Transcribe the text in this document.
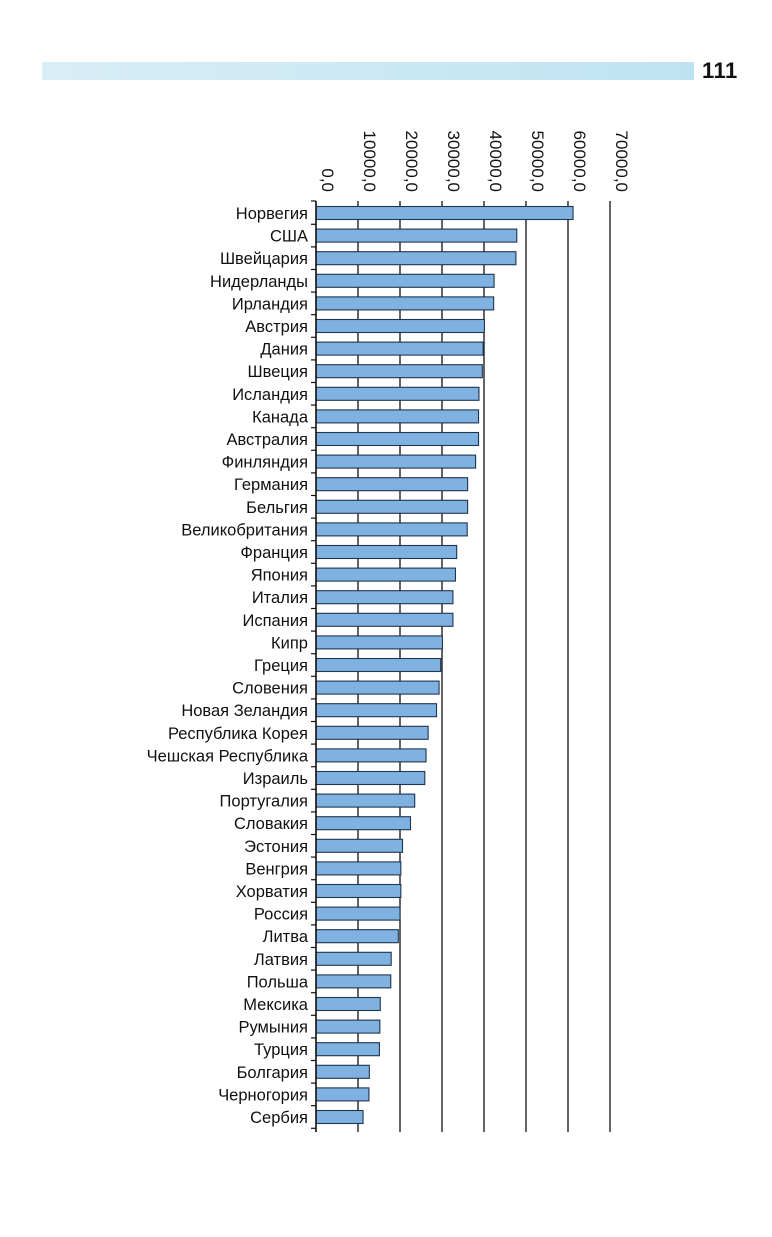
111
0,0 10000,0 20000,0 30000,0 40000,0 50000,0 60000,0 70000,0
Норвегия
США
Швейцария
Нидерланды
Ирландия
Австрия
Дания
Швеция
Исландия
Канада
Австралия
Финляндия
Германия
Бельгия
Великобритания
Франция
Япония
Италия
Испания
Кипр
Греция
Словения
Новая Зеландия
Республика Корея
Чешская Республика
Израиль
Португалия
Словакия
Эстония
Венгрия
Хорватия
Россия
Литва
Латвия
Польша
Мексика
Румыния
Турция
Болгария
Черногория
Сербия
